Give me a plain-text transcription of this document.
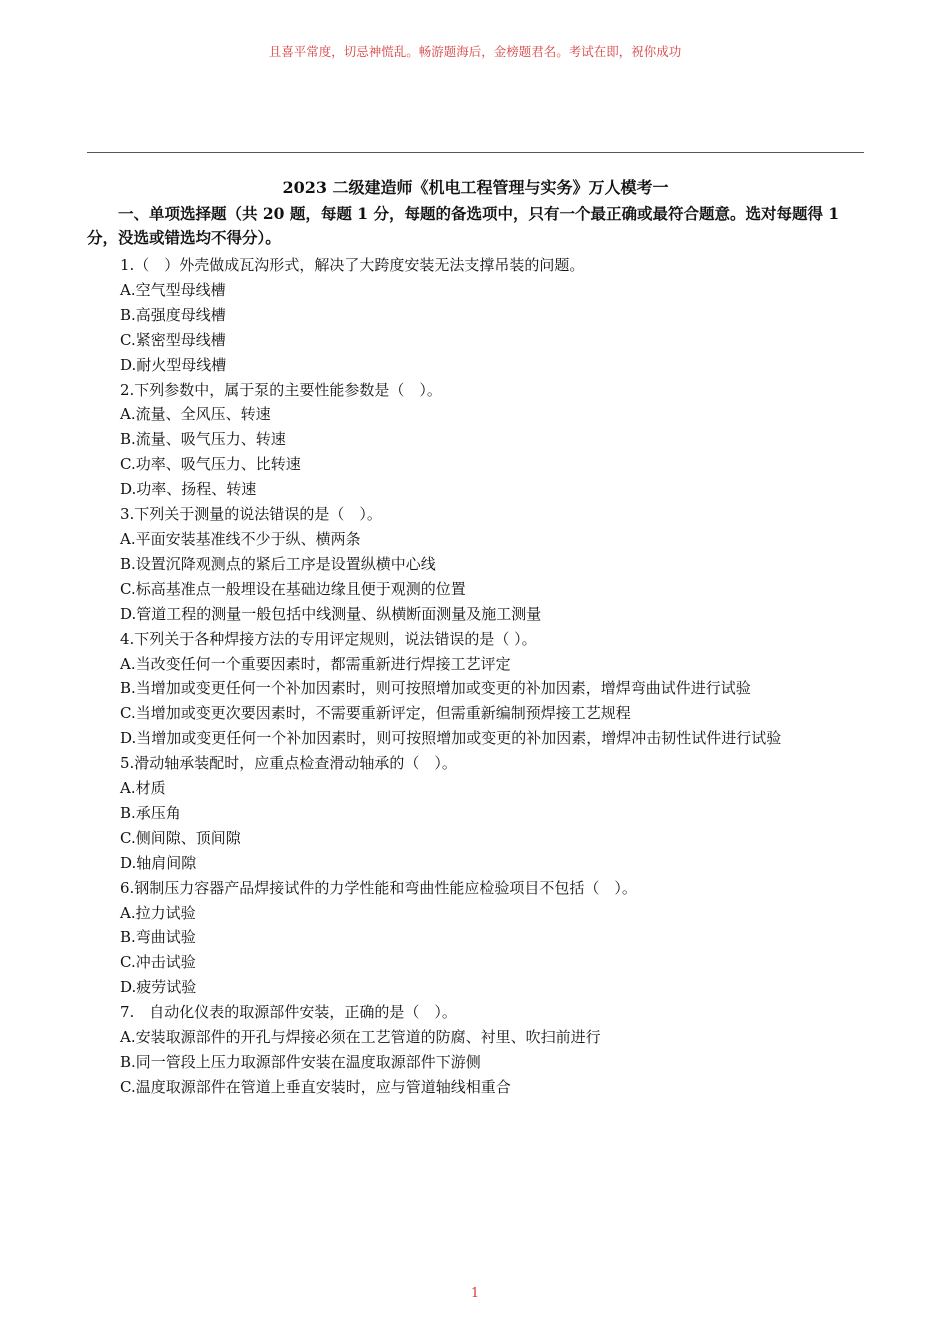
且喜平常度，切忌神慌乱。畅游题海后，金榜题君名。考试在即，祝你成功
2023 二级建造师《机电工程管理与实务》万人模考一
一、单项选择题（共 20 题，每题 1 分，每题的备选项中，只有一个最正确或最符合题意。选对每题得 1 分，没选或错选均不得分）。
1.（　）外壳做成瓦沟形式，解决了大跨度安装无法支撑吊装的问题。
A.空气型母线槽
B.高强度母线槽
C.紧密型母线槽
D.耐火型母线槽
2.下列参数中，属于泵的主要性能参数是（　）。
A.流量、全风压、转速
B.流量、吸气压力、转速
C.功率、吸气压力、比转速
D.功率、扬程、转速
3.下列关于测量的说法错误的是（　）。
A.平面安装基准线不少于纵、横两条
B.设置沉降观测点的紧后工序是设置纵横中心线
C.标高基准点一般埋设在基础边缘且便于观测的位置
D.管道工程的测量一般包括中线测量、纵横断面测量及施工测量
4.下列关于各种焊接方法的专用评定规则，说法错误的是（ ）。
A.当改变任何一个重要因素时，都需重新进行焊接工艺评定
B.当增加或变更任何一个补加因素时，则可按照增加或变更的补加因素，增焊弯曲试件进行试验
C.当增加或变更次要因素时，不需要重新评定，但需重新编制预焊接工艺规程
D.当增加或变更任何一个补加因素时，则可按照增加或变更的补加因素，增焊冲击韧性试件进行试验
5.滑动轴承装配时，应重点检查滑动轴承的（　）。
A.材质
B.承压角
C.侧间隙、顶间隙
D.轴肩间隙
6.钢制压力容器产品焊接试件的力学性能和弯曲性能应检验项目不包括（　）。
A.拉力试验
B.弯曲试验
C.冲击试验
D.疲劳试验
7.　自动化仪表的取源部件安装，正确的是（　）。
A.安装取源部件的开孔与焊接必须在工艺管道的防腐、衬里、吹扫前进行
B.同一管段上压力取源部件安装在温度取源部件下游侧
C.温度取源部件在管道上垂直安装时，应与管道轴线相重合
1
